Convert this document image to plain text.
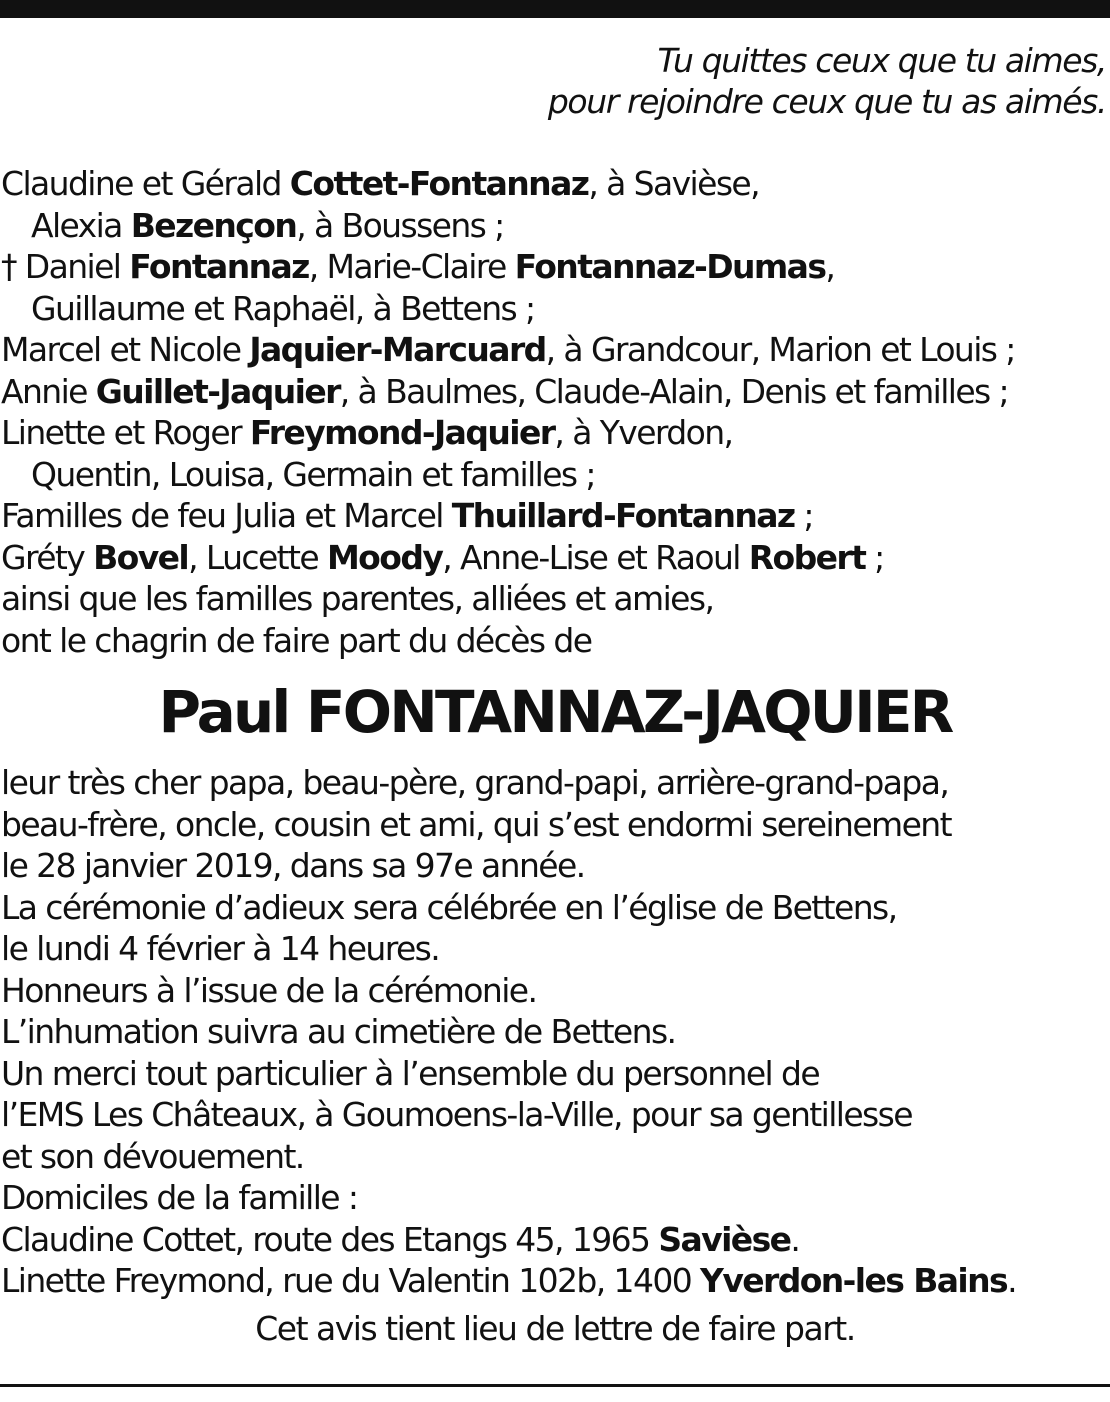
Tu quittes ceux que tu aimes,
pour rejoindre ceux que tu as aimés.
Claudine et Gérald Cottet-Fontannaz, à Savièse,
Alexia Bezençon, à Boussens ;
† Daniel Fontannaz, Marie-Claire Fontannaz-Dumas,
Guillaume et Raphaël, à Bettens ;
Marcel et Nicole Jaquier-Marcuard, à Grandcour, Marion et Louis ;
Annie Guillet-Jaquier, à Baulmes, Claude-Alain, Denis et familles ;
Linette et Roger Freymond-Jaquier, à Yverdon,
Quentin, Louisa, Germain et familles ;
Familles de feu Julia et Marcel Thuillard-Fontannaz ;
Gréty Bovel, Lucette Moody, Anne-Lise et Raoul Robert ;
ainsi que les familles parentes, alliées et amies,
ont le chagrin de faire part du décès de
Paul FONTANNAZ-JAQUIER
leur très cher papa, beau-père, grand-papi, arrière-grand-papa,
beau-frère, oncle, cousin et ami, qui s’est endormi sereinement
le 28 janvier 2019, dans sa 97e année.
La cérémonie d’adieux sera célébrée en l’église de Bettens,
le lundi 4 février à 14 heures.
Honneurs à l’issue de la cérémonie.
L’inhumation suivra au cimetière de Bettens.
Un merci tout particulier à l’ensemble du personnel de
l’EMS Les Châteaux, à Goumoens-la-Ville, pour sa gentillesse
et son dévouement.
Domiciles de la famille :
Claudine Cottet, route des Etangs 45, 1965 Savièse.
Linette Freymond, rue du Valentin 102b, 1400 Yverdon-les Bains.
Cet avis tient lieu de lettre de faire part.
